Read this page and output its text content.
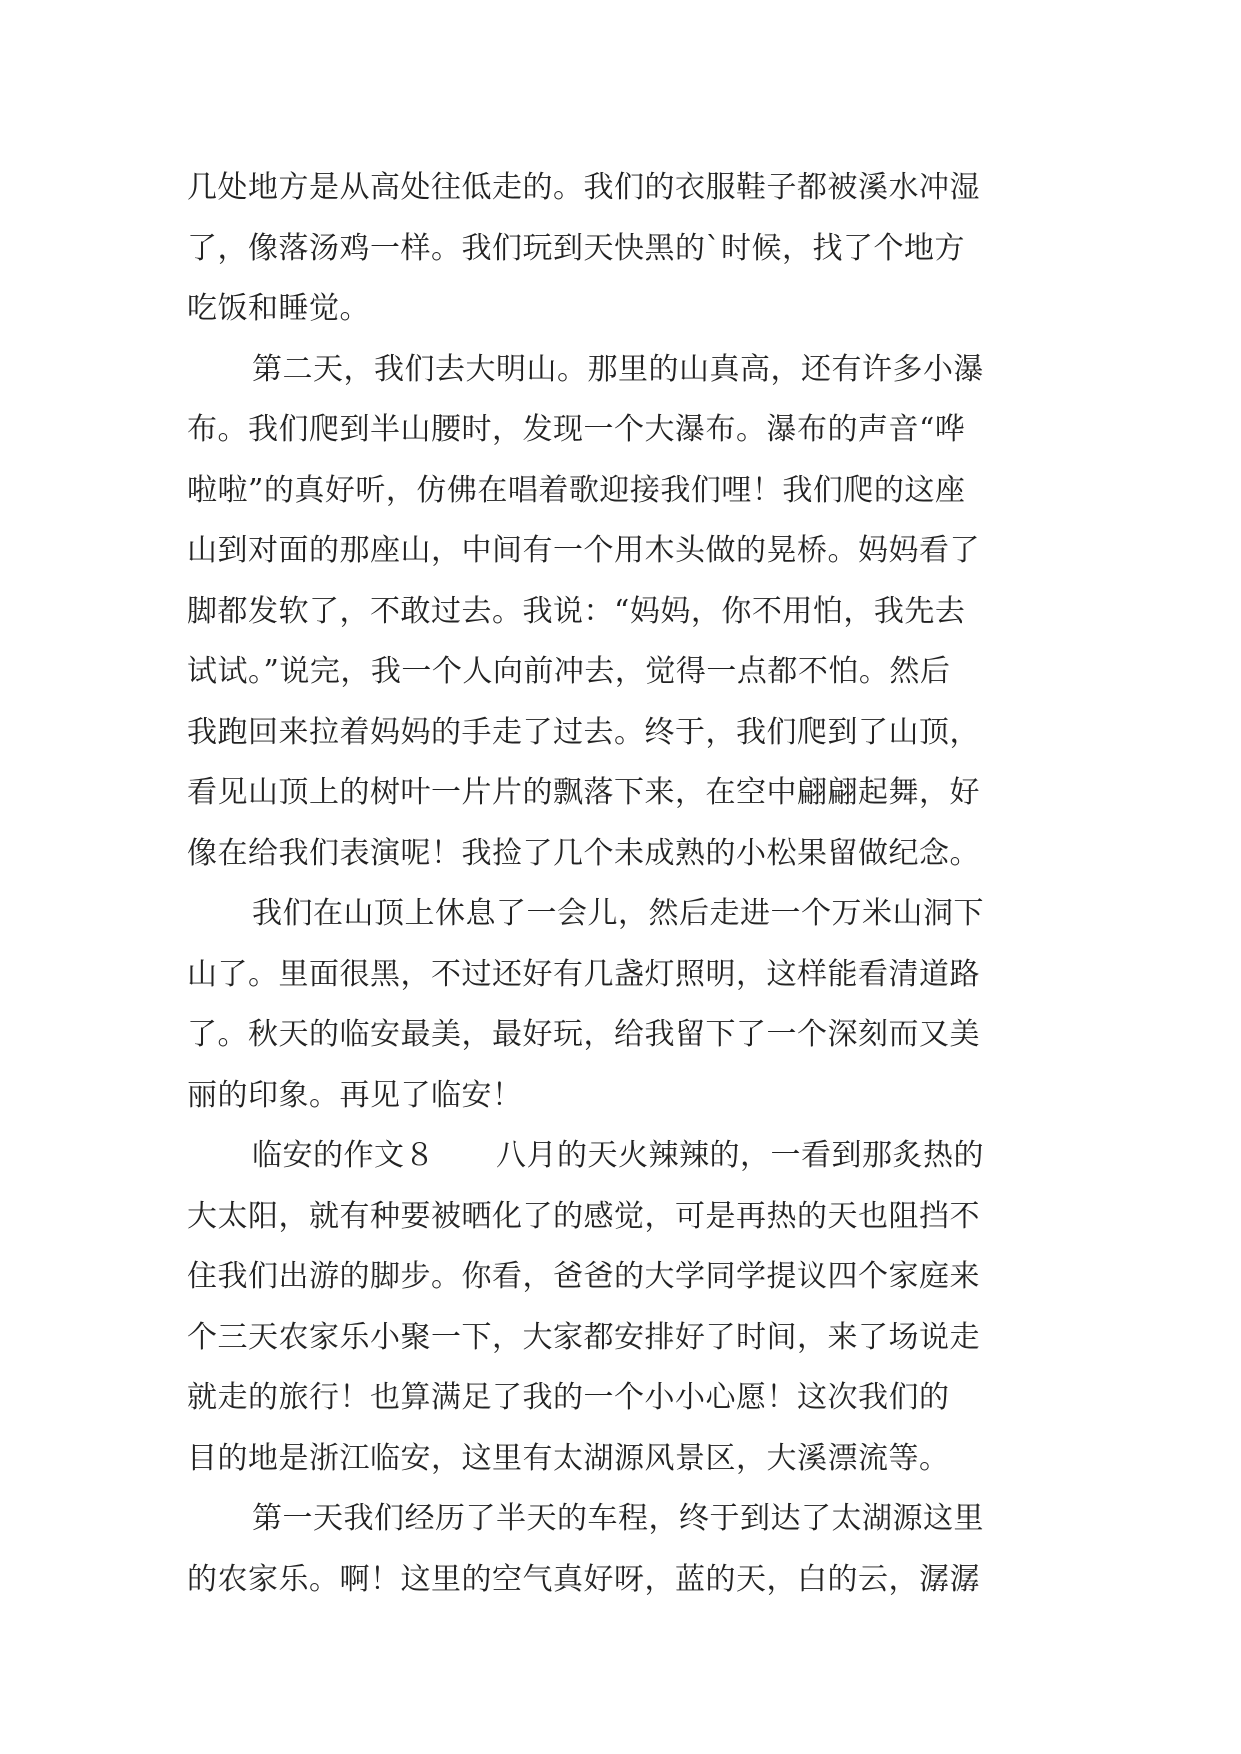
几处地方是从高处往低走的。我们的衣服鞋子都被溪水冲湿
了，像落汤鸡一样。我们玩到天快黑的`时候，找了个地方
吃饭和睡觉。
第二天，我们去大明山。那里的山真高，还有许多小瀑
布。我们爬到半山腰时，发现一个大瀑布。瀑布的声音“哗
啦啦”的真好听，仿佛在唱着歌迎接我们哩！我们爬的这座
山到对面的那座山，中间有一个用木头做的晃桥。妈妈看了
脚都发软了，不敢过去。我说：“妈妈，你不用怕，我先去
试试。”说完，我一个人向前冲去，觉得一点都不怕。然后
我跑回来拉着妈妈的手走了过去。终于，我们爬到了山顶，
看见山顶上的树叶一片片的飘落下来，在空中翩翩起舞，好
像在给我们表演呢！我捡了几个未成熟的小松果留做纪念。
我们在山顶上休息了一会儿，然后走进一个万米山洞下
山了。里面很黑，不过还好有几盏灯照明，这样能看清道路
了。秋天的临安最美，最好玩，给我留下了一个深刻而又美
丽的印象。再见了临安！
临安的作文８　　八月的天火辣辣的，一看到那炙热的
大太阳，就有种要被晒化了的感觉，可是再热的天也阻挡不
住我们出游的脚步。你看，爸爸的大学同学提议四个家庭来
个三天农家乐小聚一下，大家都安排好了时间，来了场说走
就走的旅行！也算满足了我的一个小小心愿！这次我们的
目的地是浙江临安，这里有太湖源风景区，大溪漂流等。
第一天我们经历了半天的车程，终于到达了太湖源这里
的农家乐。啊！这里的空气真好呀，蓝的天，白的云，潺潺
